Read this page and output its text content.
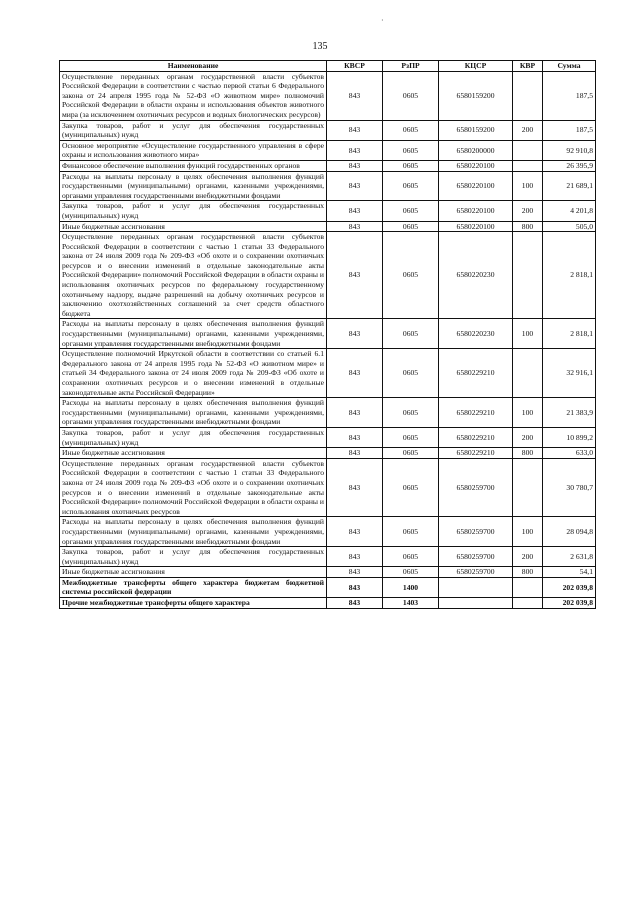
·
135
Наименование	КВСР	РзПР	КЦСР	КВР	Сумма
Осуществление переданных органам государственной власти субъектов Российской Федерации в соответствии с частью первой статьи 6 Федерального закона от 24 апреля 1995 года № 52-ФЗ «О животном мире» полномочий Российской Федерации в области охраны и использования объектов животного мира (за исключением охотничьих ресурсов и водных биологических ресурсов)	843	0605	6580159200		187,5
Закупка товаров, работ и услуг для обеспечения государственных (муниципальных) нужд	843	0605	6580159200	200	187,5
Основное мероприятие «Осуществление государственного управления в сфере охраны и использования животного мира»	843	0605	6580200000		92 910,8
Финансовое обеспечение выполнения функций государственных органов	843	0605	6580220100		26 395,9
Расходы на выплаты персоналу в целях обеспечения выполнения функций государственными (муниципальными) органами, казенными учреждениями, органами управления государственными внебюджетными фондами	843	0605	6580220100	100	21 689,1
Закупка товаров, работ и услуг для обеспечения государственных (муниципальных) нужд	843	0605	6580220100	200	4 201,8
Иные бюджетные ассигнования	843	0605	6580220100	800	505,0
Осуществление переданных органам государственной власти субъектов Российской Федерации в соответствии с частью 1 статьи 33 Федерального закона от 24 июля 2009 года № 209-ФЗ «Об охоте и о сохранении охотничьих ресурсов и о внесении изменений в отдельные законодательные акты Российской Федерации» полномочий Российской Федерации в области охраны и использования охотничьих ресурсов по федеральному государственному охотничьему надзору, выдаче разрешений на добычу охотничьих ресурсов и заключению охотхозяйственных соглашений за счет средств областного бюджета	843	0605	6580220230		2 818,1
Расходы на выплаты персоналу в целях обеспечения выполнения функций государственными (муниципальными) органами, казенными учреждениями, органами управления государственными внебюджетными фондами	843	0605	6580220230	100	2 818,1
Осуществление полномочий Иркутской области в соответствии со статьей 6.1 Федерального закона от 24 апреля 1995 года № 52-ФЗ «О животном мире» и статьей 34 Федерального закона от 24 июля 2009 года № 209-ФЗ «Об охоте и сохранении охотничьих ресурсов и о внесении изменений в отдельные законодательные акты Российской Федерации»	843	0605	6580229210		32 916,1
Расходы на выплаты персоналу в целях обеспечения выполнения функций государственными (муниципальными) органами, казенными учреждениями, органами управления государственными внебюджетными фондами	843	0605	6580229210	100	21 383,9
Закупка товаров, работ и услуг для обеспечения государственных (муниципальных) нужд	843	0605	6580229210	200	10 899,2
Иные бюджетные ассигнования	843	0605	6580229210	800	633,0
Осуществление переданных органам государственной власти субъектов Российской Федерации в соответствии с частью 1 статьи 33 Федерального закона от 24 июля 2009 года № 209-ФЗ «Об охоте и о сохранении охотничьих ресурсов и о внесении изменений в отдельные законодательные акты Российской Федерации» полномочий Российской Федерации в области охраны и использования охотничьих ресурсов	843	0605	6580259700		30 780,7
Расходы на выплаты персоналу в целях обеспечения выполнения функций государственными (муниципальными) органами, казенными учреждениями, органами управления государственными внебюджетными фондами	843	0605	6580259700	100	28 094,8
Закупка товаров, работ и услуг для обеспечения государственных (муниципальных) нужд	843	0605	6580259700	200	2 631,8
Иные бюджетные ассигнования	843	0605	6580259700	800	54,1
Межбюджетные трансферты общего характера бюджетам бюджетной системы российской федерации	843	1400			202 039,8
Прочие межбюджетные трансферты общего характера	843	1403			202 039,8
